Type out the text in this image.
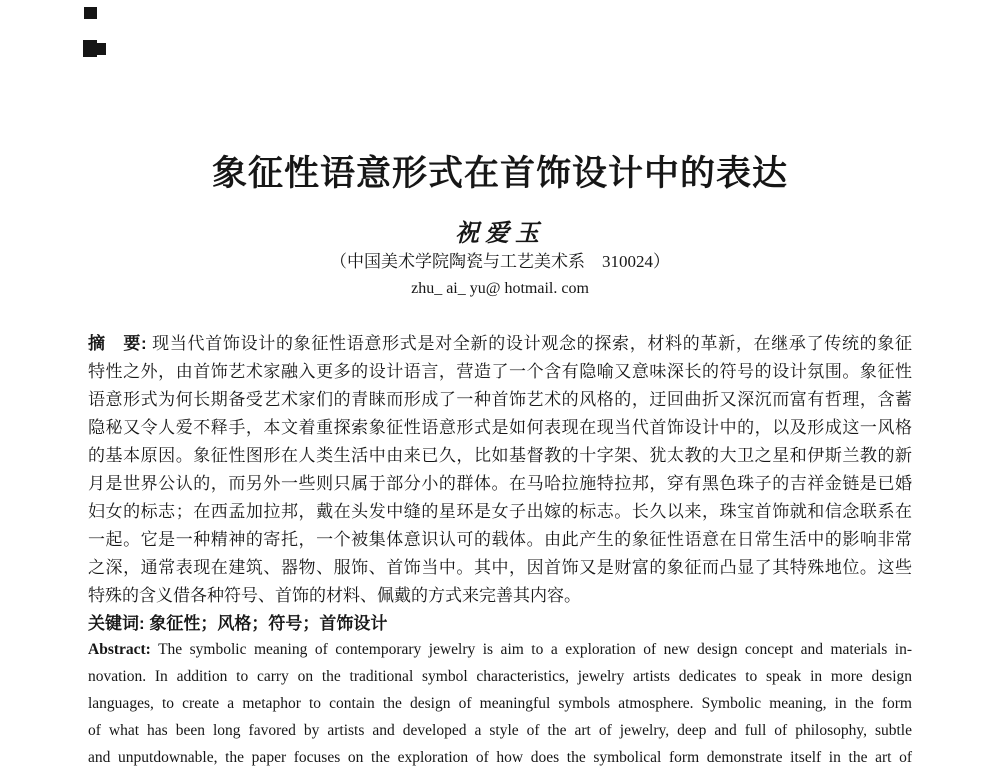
象征性语意形式在首饰设计中的表达
祝爱玉
（中国美术学院陶瓷与工艺美术系　310024）
zhu_ ai_ yu@ hotmail. com
摘　要: 现当代首饰设计的象征性语意形式是对全新的设计观念的探索，材料的革新，在继承了传统的象征
特性之外，由首饰艺术家融入更多的设计语言，营造了一个含有隐喻又意味深长的符号的设计氛围。象征性
语意形式为何长期备受艺术家们的青睐而形成了一种首饰艺术的风格的，迂回曲折又深沉而富有哲理，含蓄
隐秘又令人爱不释手，本文着重探索象征性语意形式是如何表现在现当代首饰设计中的，以及形成这一风格
的基本原因。象征性图形在人类生活中由来已久，比如基督教的十字架、犹太教的大卫之星和伊斯兰教的新
月是世界公认的，而另外一些则只属于部分小的群体。在马哈拉施特拉邦，穿有黑色珠子的吉祥金链是已婚
妇女的标志；在西孟加拉邦，戴在头发中缝的星环是女子出嫁的标志。长久以来，珠宝首饰就和信念联系在
一起。它是一种精神的寄托，一个被集体意识认可的载体。由此产生的象征性语意在日常生活中的影响非常
之深，通常表现在建筑、器物、服饰、首饰当中。其中，因首饰又是财富的象征而凸显了其特殊地位。这些
特殊的含义借各种符号、首饰的材料、佩戴的方式来完善其内容。
关键词: 象征性；风格；符号；首饰设计
Abstract: The symbolic meaning of contemporary jewelry is aim to a exploration of new design concept and materials in-
novation. In addition to carry on the traditional symbol characteristics, jewelry artists dedicates to speak in more design
languages, to create a metaphor to contain the design of meaningful symbols atmosphere. Symbolic meaning, in the form
of what has been long favored by artists and developed a style of the art of jewelry, deep and full of philosophy, subtle
and unputdownable, the paper focuses on the exploration of how does the symbolical form demonstrate itself in the art of
